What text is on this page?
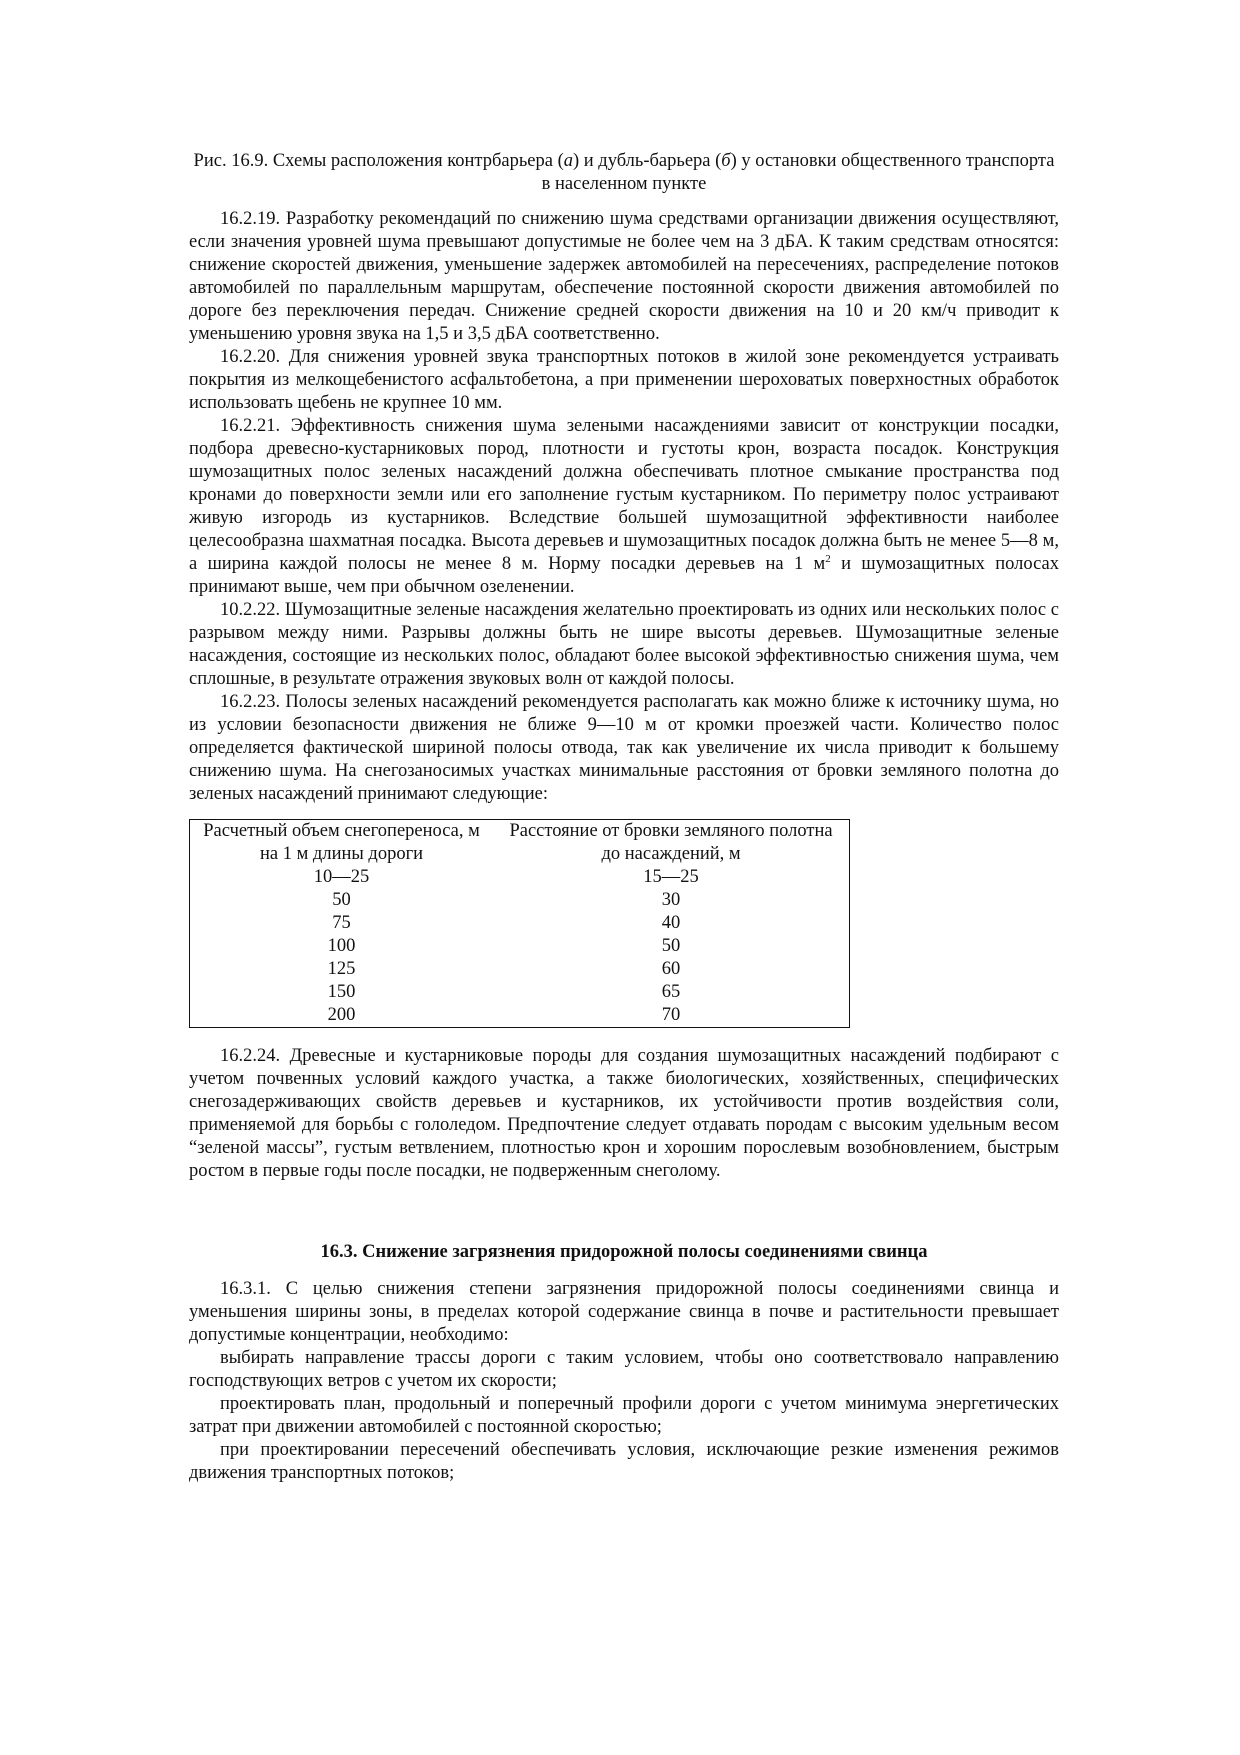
Рис. 16.9. Схемы расположения контрбарьера (а) и дубль-барьера (б) у остановки общественного транспорта в населенном пункте

16.2.19. Разработку рекомендаций по снижению шума средствами организации движения осуществляют, если значения уровней шума превышают допустимые не более чем на 3 дБА. К таким средствам относятся: снижение скоростей движения, уменьшение задержек автомобилей на пересечениях, распределение потоков автомобилей по параллельным маршрутам, обеспечение постоянной скорости движения автомобилей по дороге без переключения передач. Снижение средней скорости движения на 10 и 20 км/ч приводит к уменьшению уровня звука на 1,5 и 3,5 дБА соответственно.

16.2.20. Для снижения уровней звука транспортных потоков в жилой зоне рекомендуется устраивать покрытия из мелкощебенистого асфальтобетона, а при применении шероховатых поверхностных обработок использовать щебень не крупнее 10 мм.

16.2.21. Эффективность снижения шума зелеными насаждениями зависит от конструкции посадки, подбора древесно-кустарниковых пород, плотности и густоты крон, возраста посадок. Конструкция шумозащитных полос зеленых насаждений должна обеспечивать плотное смыкание пространства под кронами до поверхности земли или его заполнение густым кустарником. По периметру полос устраивают живую изгородь из кустарников. Вследствие большей шумозащитной эффективности наиболее целесообразна шахматная посадка. Высота деревьев и шумозащитных посадок должна быть не менее 5—8 м, а ширина каждой полосы не менее 8 м. Норму посадки деревьев на 1 $м^2$ и шумозащитных полосах принимают выше, чем при обычном озеленении.

10.2.22. Шумозащитные зеленые насаждения желательно проектировать из одних или нескольких полос с разрывом между ними. Разрывы должны быть не шире высоты деревьев. Шумозащитные зеленые насаждения, состоящие из нескольких полос, обладают более высокой эффективностью снижения шума, чем сплошные, в результате отражения звуковых волн от каждой полосы.

16.2.23. Полосы зеленых насаждений рекомендуется располагать как можно ближе к источнику шума, но из условии безопасности движения не ближе 9—10 м от кромки проезжей части. Количество полос определяется фактической шириной полосы отвода, так как увеличение их числа приводит к большему снижению шума. На снегозаносимых участках минимальные расстояния от бровки земляного полотна до зеленых насаждений принимают следующие:

Расчетный объем снегопереноса, м на 1 м длины дороги	Расстояние от бровки земляного полотна до насаждений, м
10—25	15—25
50	30
75	40
100	50
125	60
150	65
200	70

16.2.24. Древесные и кустарниковые породы для создания шумозащитных насаждений подбирают с учетом почвенных условий каждого участка, а также биологических, хозяйственных, специфических снегозадерживающих свойств деревьев и кустарников, их устойчивости против воздействия соли, применяемой для борьбы с гололедом. Предпочтение следует отдавать породам с высоким удельным весом “зеленой массы”, густым ветвлением, плотностью крон и хорошим порослевым возобновлением, быстрым ростом в первые годы после посадки, не подверженным снеголому.

16.3. Снижение загрязнения придорожной полосы соединениями свинца

16.3.1. С целью снижения степени загрязнения придорожной полосы соединениями свинца и уменьшения ширины зоны, в пределах которой содержание свинца в почве и растительности превышает допустимые концентрации, необходимо:

выбирать направление трассы дороги с таким условием, чтобы оно соответствовало направлению господствующих ветров с учетом их скорости;

проектировать план, продольный и поперечный профили дороги с учетом минимума энергетических затрат при движении автомобилей с постоянной скоростью;

при проектировании пересечений обеспечивать условия, исключающие резкие изменения режимов движения транспортных потоков;
